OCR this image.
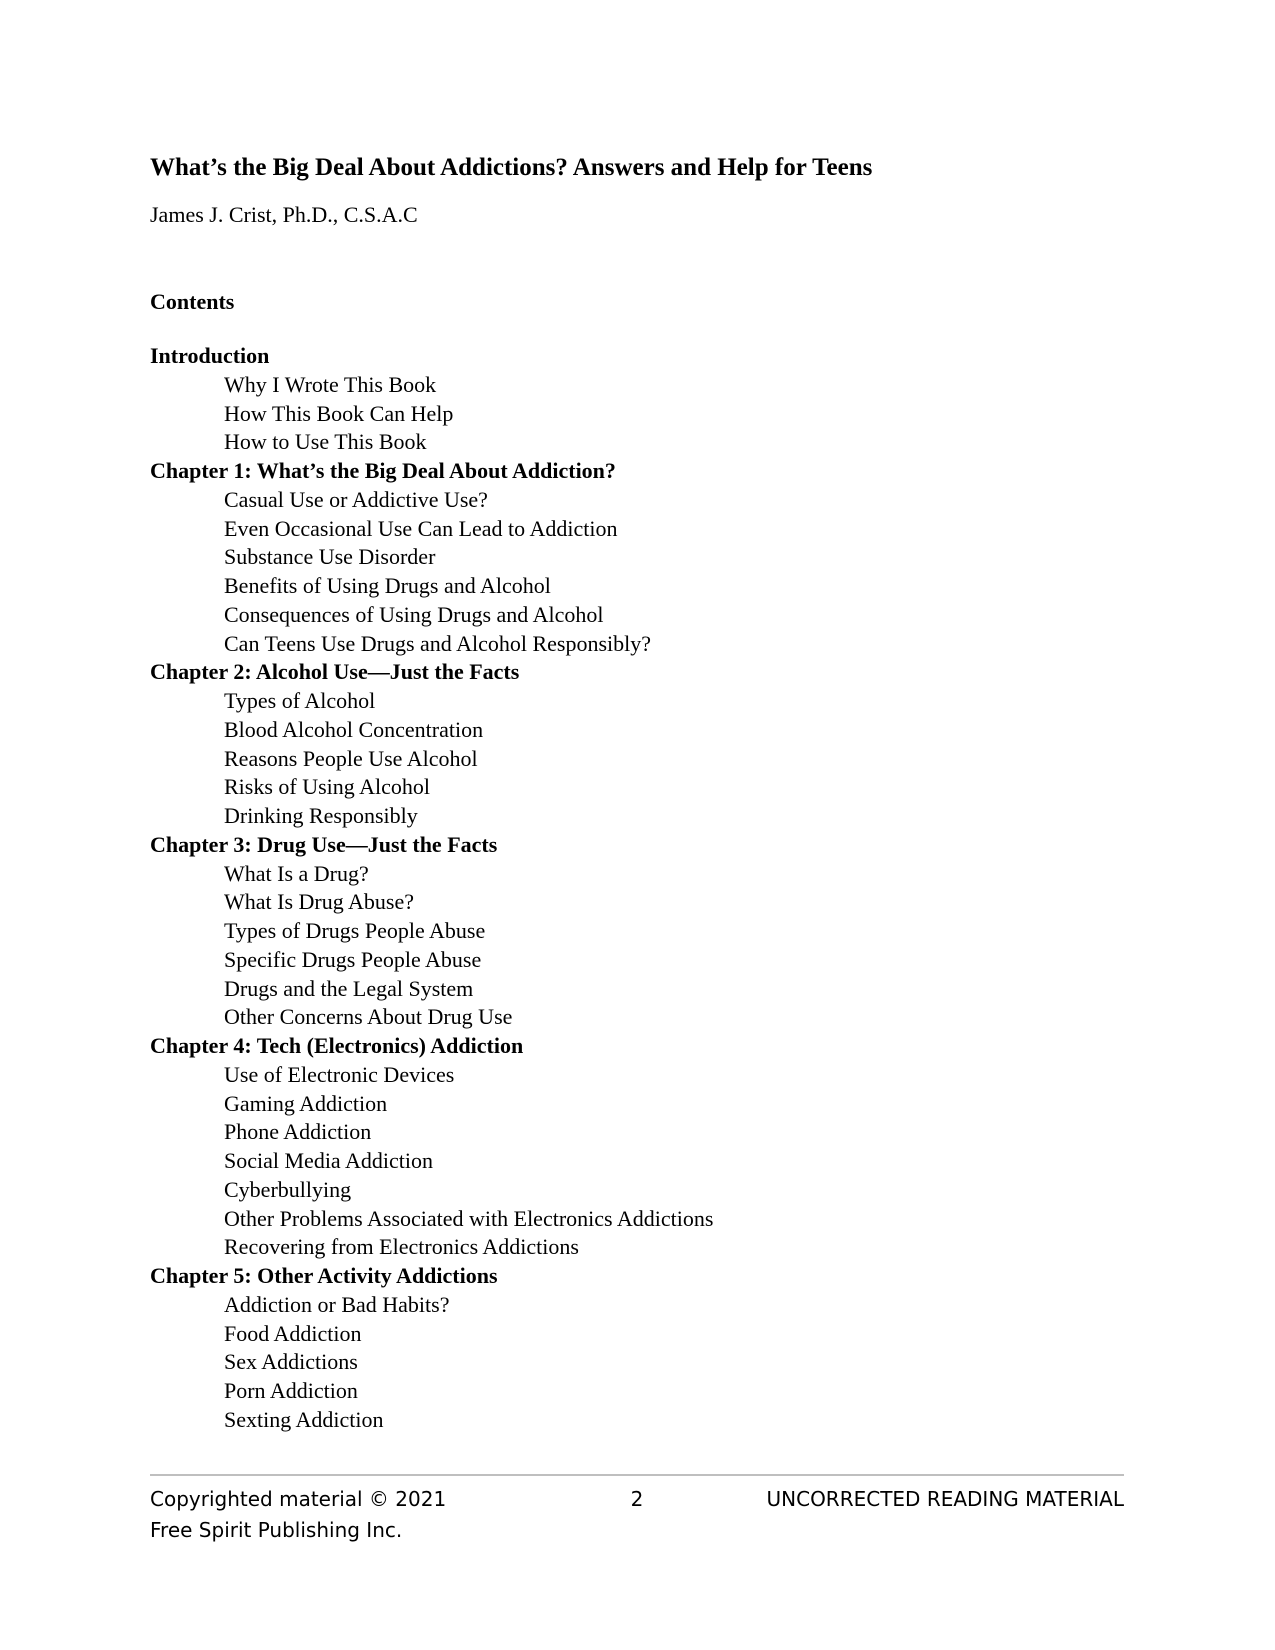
What’s the Big Deal About Addictions? Answers and Help for Teens

James J. Crist, Ph.D., C.S.A.C

Contents
Introduction
Why I Wrote This Book
How This Book Can Help
How to Use This Book
Chapter 1: What’s the Big Deal About Addiction?
Casual Use or Addictive Use?
Even Occasional Use Can Lead to Addiction
Substance Use Disorder
Benefits of Using Drugs and Alcohol
Consequences of Using Drugs and Alcohol
Can Teens Use Drugs and Alcohol Responsibly?
Chapter 2: Alcohol Use—Just the Facts
Types of Alcohol
Blood Alcohol Concentration
Reasons People Use Alcohol
Risks of Using Alcohol
Drinking Responsibly
Chapter 3: Drug Use—Just the Facts
What Is a Drug?
What Is Drug Abuse?
Types of Drugs People Abuse
Specific Drugs People Abuse
Drugs and the Legal System
Other Concerns About Drug Use
Chapter 4: Tech (Electronics) Addiction
Use of Electronic Devices
Gaming Addiction
Phone Addiction
Social Media Addiction
Cyberbullying
Other Problems Associated with Electronics Addictions
Recovering from Electronics Addictions
Chapter 5: Other Activity Addictions
Addiction or Bad Habits?
Food Addiction
Sex Addictions
Porn Addiction
Sexting Addiction
Copyrighted material © 2021
Free Spirit Publishing Inc.
2	UNCORRECTED READING MATERIAL
